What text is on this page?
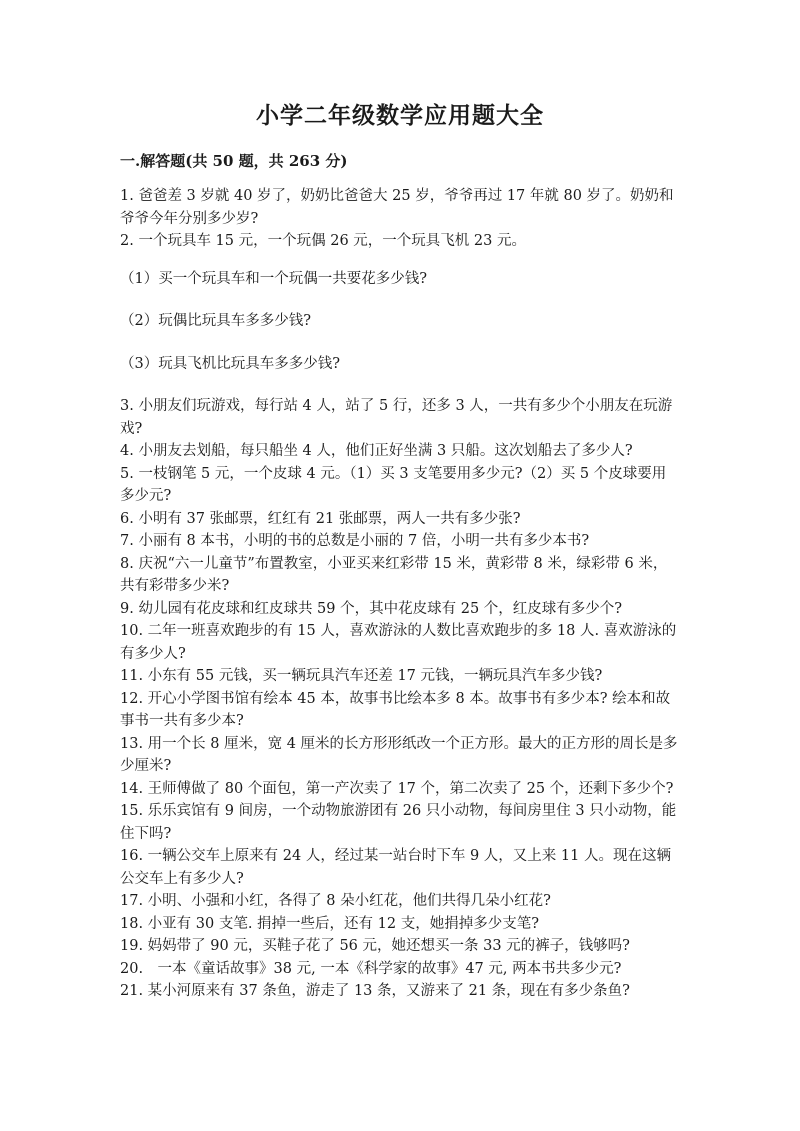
小学二年级数学应用题大全
一.解答题(共 50 题，共 263 分)

1. 爸爸差 3 岁就 40 岁了，奶奶比爸爸大 25 岁，爷爷再过 17 年就 80 岁了。奶奶和爷爷今年分别多少岁?

2. 一个玩具车 15 元，一个玩偶 26 元，一个玩具飞机 23 元。

（1）买一个玩具车和一个玩偶一共要花多少钱?

（2）玩偶比玩具车多多少钱?

（3）玩具飞机比玩具车多多少钱?

3. 小朋友们玩游戏，每行站 4 人，站了 5 行，还多 3 人，一共有多少个小朋友在玩游戏?

4. 小朋友去划船，每只船坐 4 人，他们正好坐满 3 只船。这次划船去了多少人?

5. 一枝钢笔 5 元，一个皮球 4 元。（1）买 3 支笔要用多少元?（2）买 5 个皮球要用多少元?

6. 小明有 37 张邮票，红红有 21 张邮票，两人一共有多少张?

7. 小丽有 8 本书，小明的书的总数是小丽的 7 倍，小明一共有多少本书?

8. 庆祝“六一儿童节”布置教室，小亚买来红彩带 15 米，黄彩带 8 米，绿彩带 6 米，共有彩带多少米?

9. 幼儿园有花皮球和红皮球共 59 个，其中花皮球有 25 个，红皮球有多少个?

10. 二年一班喜欢跑步的有 15 人，喜欢游泳的人数比喜欢跑步的多 18 人. 喜欢游泳的有多少人?

11. 小东有 55 元钱，买一辆玩具汽车还差 17 元钱，一辆玩具汽车多少钱?

12. 开心小学图书馆有绘本 45 本，故事书比绘本多 8 本。故事书有多少本? 绘本和故事书一共有多少本?

13. 用一个长 8 厘米，宽 4 厘米的长方形形纸改一个正方形。最大的正方形的周长是多少厘米?

14. 王师傅做了 80 个面包，第一产次卖了 17 个，第二次卖了 25 个，还剩下多少个?

15. 乐乐宾馆有 9 间房，一个动物旅游团有 26 只小动物，每间房里住 3 只小动物，能住下吗?

16. 一辆公交车上原来有 24 人，经过某一站台时下车 9 人，又上来 11 人。现在这辆公交车上有多少人?

17. 小明、小强和小红，各得了 8 朵小红花，他们共得几朵小红花?

18. 小亚有 30 支笔. 捐掉一些后，还有 12 支，她捐掉多少支笔?

19. 妈妈带了 90 元，买鞋子花了 56 元，她还想买一条 33 元的裤子，钱够吗?

20.　一本《童话故事》38 元, 一本《科学家的故事》47 元, 两本书共多少元?

21. 某小河原来有 37 条鱼，游走了 13 条，又游来了 21 条，现在有多少条鱼?
